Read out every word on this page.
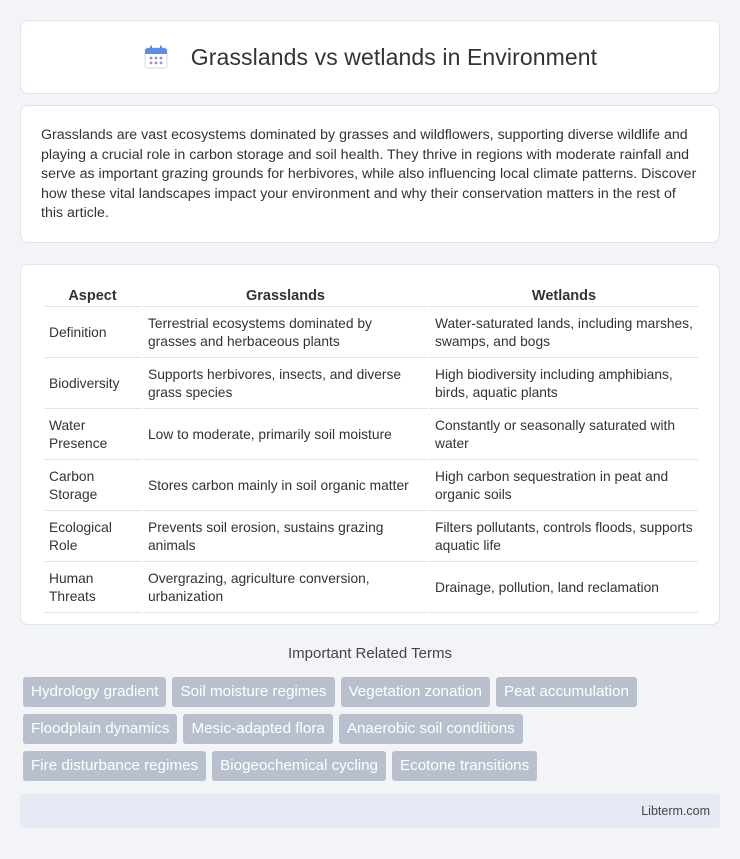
Grasslands vs wetlands in Environment

Grasslands are vast ecosystems dominated by grasses and wildflowers, supporting diverse wildlife and playing a crucial role in carbon storage and soil health. They thrive in regions with moderate rainfall and serve as important grazing grounds for herbivores, while also influencing local climate patterns. Discover how these vital landscapes impact your environment and why their conservation matters in the rest of this article.

Aspect	Grasslands	Wetlands
Definition	Terrestrial ecosystems dominated by grasses and herbaceous plants	Water-saturated lands, including marshes, swamps, and bogs
Biodiversity	Supports herbivores, insects, and diverse grass species	High biodiversity including amphibians, birds, aquatic plants
Water Presence	Low to moderate, primarily soil moisture	Constantly or seasonally saturated with water
Carbon Storage	Stores carbon mainly in soil organic matter	High carbon sequestration in peat and organic soils
Ecological Role	Prevents soil erosion, sustains grazing animals	Filters pollutants, controls floods, supports aquatic life
Human Threats	Overgrazing, agriculture conversion, urbanization	Drainage, pollution, land reclamation
Important Related Terms
Hydrology gradient	Soil moisture regimes	Vegetation zonation	Peat accumulation
Floodplain dynamics	Mesic-adapted flora	Anaerobic soil conditions
Fire disturbance regimes	Biogeochemical cycling	Ecotone transitions
Libterm.com
